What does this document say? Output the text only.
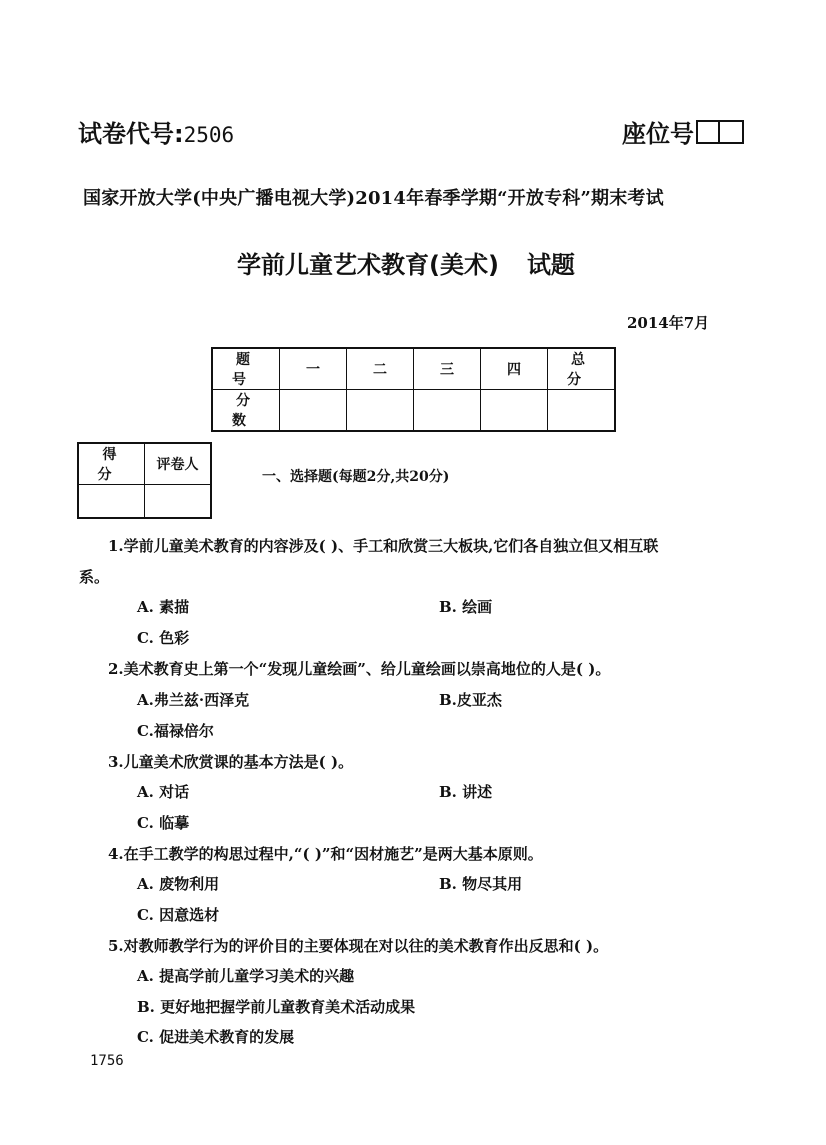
试卷代号:2506	座位号
国家开放大学(中央广播电视大学)2014年春季学期“开放专科”期末考试
学前儿童艺术教育(美术) 试题
2014年7月
题 号	一	二	三	四	总 分
分 数					
得 分	评卷人

一、选择题(每题2分,共20分)
1.学前儿童美术教育的内容涉及( )、手工和欣赏三大板块,它们各自独立但又相互联
系。
A. 素描	B. 绘画
C. 色彩
2.美术教育史上第一个“发现儿童绘画”、给儿童绘画以崇高地位的人是( )。
A.弗兰兹·西泽克	B.皮亚杰
C.福禄倍尔
3.儿童美术欣赏课的基本方法是( )。
A. 对话	B. 讲述
C. 临摹
4.在手工教学的构思过程中,“( )”和“因材施艺”是两大基本原则。
A. 废物利用	B. 物尽其用
C. 因意选材
5.对教师教学行为的评价目的主要体现在对以往的美术教育作出反思和( )。
A. 提高学前儿童学习美术的兴趣
B. 更好地把握学前儿童教育美术活动成果
C. 促进美术教育的发展
1756
